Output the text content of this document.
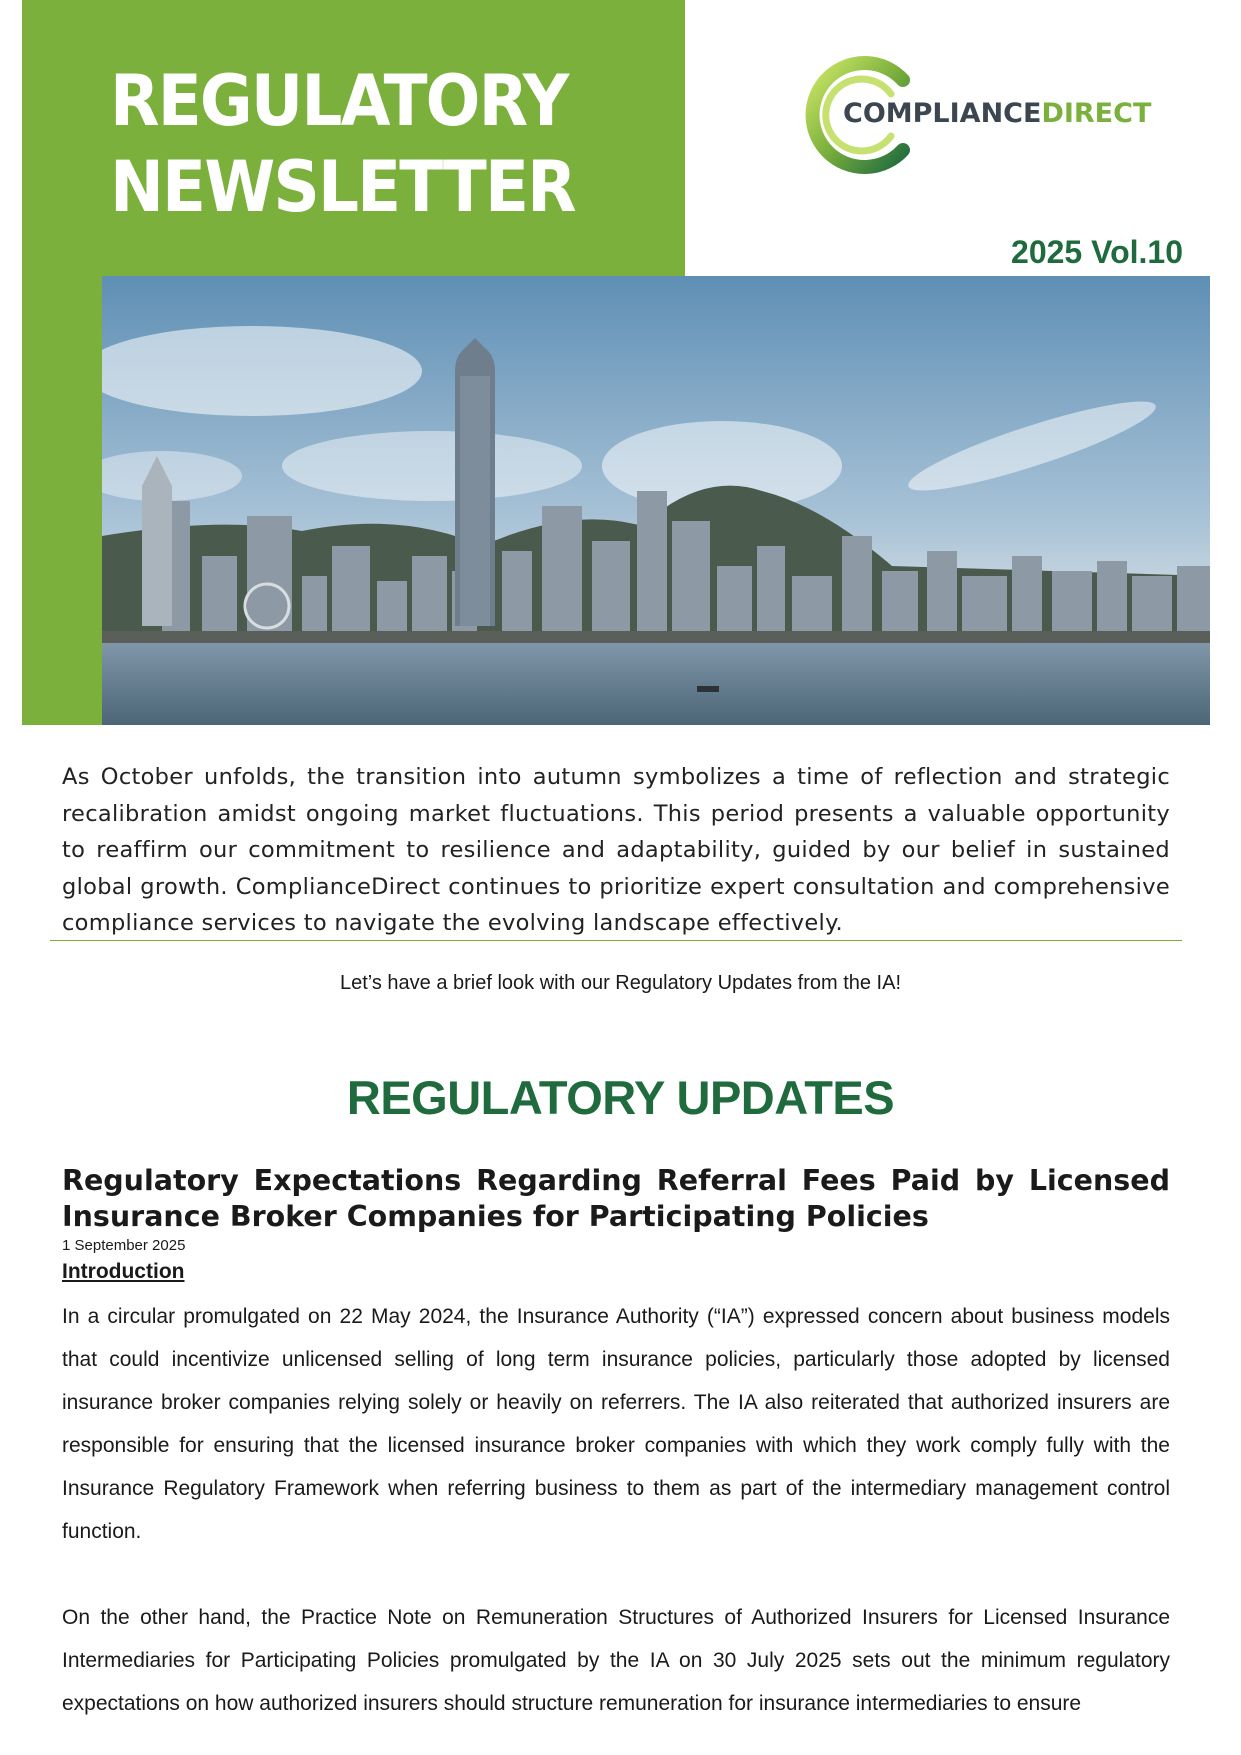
REGULATORY
NEWSLETTER
COMPLIANCEDIRECT
2025 Vol.10

As October unfolds, the transition into autumn symbolizes a time of reflection and strategic recalibration amidst ongoing market fluctuations. This period presents a valuable opportunity to reaffirm our commitment to resilience and adaptability, guided by our belief in sustained global growth. ComplianceDirect continues to prioritize expert consultation and comprehensive compliance services to navigate the evolving landscape effectively.

Let’s have a brief look with our Regulatory Updates from the IA!
REGULATORY UPDATES
Regulatory Expectations Regarding Referral Fees Paid by Licensed Insurance Broker Companies for Participating Policies
1 September 2025
Introduction

In a circular promulgated on 22 May 2024, the Insurance Authority (“IA”) expressed concern about business models that could incentivize unlicensed selling of long term insurance policies, particularly those adopted by licensed insurance broker companies relying solely or heavily on referrers. The IA also reiterated that authorized insurers are responsible for ensuring that the licensed insurance broker companies with which they work comply fully with the Insurance Regulatory Framework when referring business to them as part of the intermediary management control function.

On the other hand, the Practice Note on Remuneration Structures of Authorized Insurers for Licensed Insurance Intermediaries for Participating Policies promulgated by the IA on 30 July 2025 sets out the minimum regulatory expectations on how authorized insurers should structure remuneration for insurance intermediaries to ensure
